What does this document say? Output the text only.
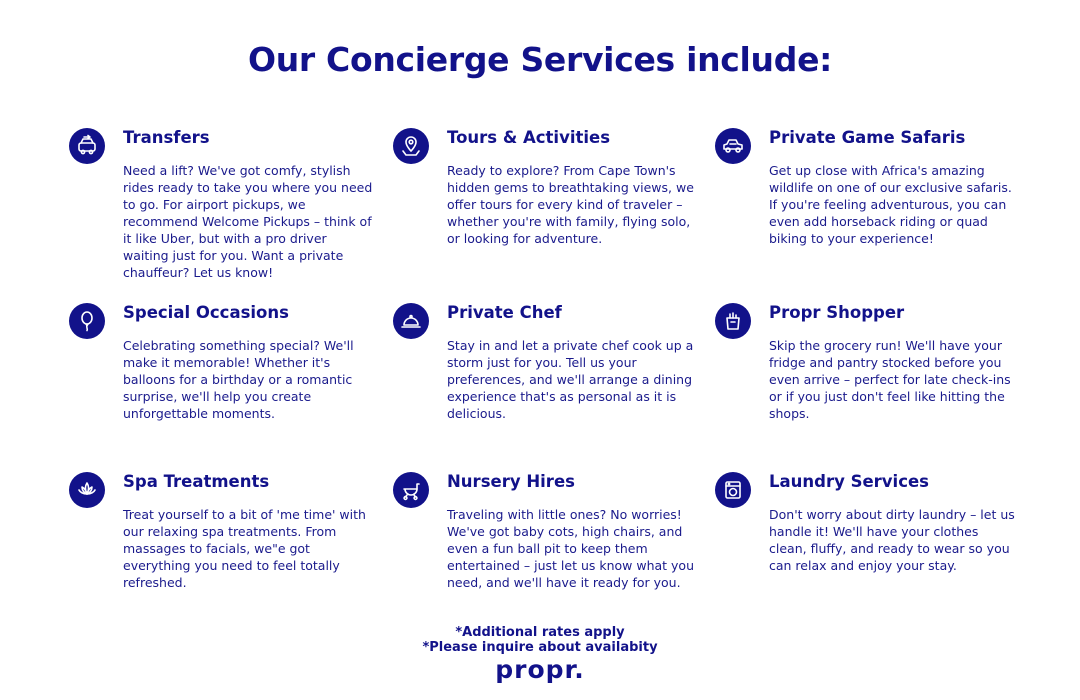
Our Concierge Services include:
Transfers

Need a lift? We've got comfy, stylish rides ready to take you where you need to go. For airport pickups, we recommend Welcome Pickups – think of it like Uber, but with a pro driver waiting just for you. Want a private chauffeur? Let us know!

Tours & Activities

Ready to explore? From Cape Town's hidden gems to breathtaking views, we offer tours for every kind of traveler – whether you're with family, flying solo, or looking for adventure.

Private Game Safaris

Get up close with Africa's amazing wildlife on one of our exclusive safaris. If you're feeling adventurous, you can even add horseback riding or quad biking to your experience!

Special Occasions

Celebrating something special? We'll make it memorable! Whether it's balloons for a birthday or a romantic surprise, we'll help you create unforgettable moments.

Private Chef

Stay in and let a private chef cook up a storm just for you. Tell us your preferences, and we'll arrange a dining experience that's as personal as it is delicious.

Propr Shopper

Skip the grocery run! We'll have your fridge and pantry stocked before you even arrive – perfect for late check-ins or if you just don't feel like hitting the shops.

Spa Treatments

Treat yourself to a bit of 'me time' with our relaxing spa treatments. From massages to facials, we"e got everything you need to feel totally refreshed.

Nursery Hires

Traveling with little ones? No worries! We've got baby cots, high chairs, and even a fun ball pit to keep them entertained – just let us know what you need, and we'll have it ready for you.

Laundry Services

Don't worry about dirty laundry – let us handle it! We'll have your clothes clean, fluffy, and ready to wear so you can relax and enjoy your stay.

*Additional rates apply
*Please inquire about availabity
propr.
